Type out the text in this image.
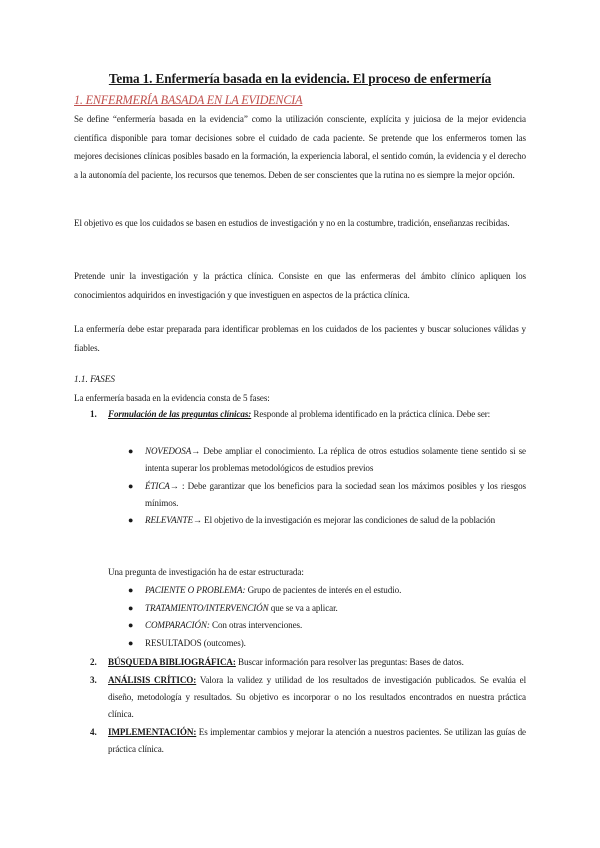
Tema 1. Enfermería basada en la evidencia. El proceso de enfermería
1. ENFERMERÍA BASADA EN LA EVIDENCIA
Se define “enfermería basada en la evidencia” como la utilización consciente, explícita y juiciosa de la mejor evidencia científica disponible para tomar decisiones sobre el cuidado de cada paciente. Se pretende que los enfermeros tomen las mejores decisiones clínicas posibles basado en la formación, la experiencia laboral, el sentido común, la evidencia y el derecho a la autonomía del paciente, los recursos que tenemos. Deben de ser conscientes que la rutina no es siempre la mejor opción.
El objetivo es que los cuidados se basen en estudios de investigación y no en la costumbre, tradición, enseñanzas recibidas.
Pretende unir la investigación y la práctica clínica. Consiste en que las enfermeras del ámbito clínico apliquen los conocimientos adquiridos en investigación y que investiguen en aspectos de la práctica clínica.
La enfermería debe estar preparada para identificar problemas en los cuidados de los pacientes y buscar soluciones válidas y fiables.
1.1. FASES
La enfermería basada en la evidencia consta de 5 fases:
1. Formulación de las preguntas clínicas: Responde al problema identificado en la práctica clínica. Debe ser:
● NOVEDOSA→ Debe ampliar el conocimiento. La réplica de otros estudios solamente tiene sentido si se intenta superar los problemas metodológicos de estudios previos
● ÉTICA→ : Debe garantizar que los beneficios para la sociedad sean los máximos posibles y los riesgos mínimos.
● RELEVANTE→ El objetivo de la investigación es mejorar las condiciones de salud de la población
Una pregunta de investigación ha de estar estructurada:
● PACIENTE O PROBLEMA: Grupo de pacientes de interés en el estudio.
● TRATAMIENTO/INTERVENCIÓN que se va a aplicar.
● COMPARACIÓN: Con otras intervenciones.
● RESULTADOS (outcomes).
2. BÚSQUEDA BIBLIOGRÁFICA: Buscar información para resolver las preguntas: Bases de datos.
3. ANÁLISIS CRÍTICO: Valora la validez y utilidad de los resultados de investigación publicados. Se evalúa el diseño, metodología y resultados. Su objetivo es incorporar o no los resultados encontrados en nuestra práctica clínica.
4. IMPLEMENTACIÓN: Es implementar cambios y mejorar la atención a nuestros pacientes. Se utilizan las guías de práctica clínica.
